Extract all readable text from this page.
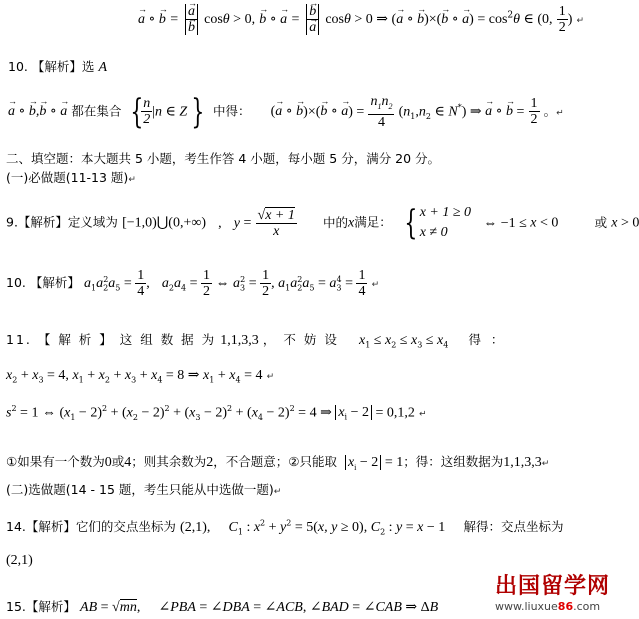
→ a ∘ → b = → a
→ b cosθ > 0, → b ∘ → a = → b
→ a cosθ > 0 ⇒ (→ a ∘ → b)×(→ b ∘ → $a) = \cos^2\theta$ ∈ (0, $\frac{1}{2}$ ) ↵
10. 【解析】选 A
→ a ∘ → b,→ b ∘ → a 都在集合 {
$\frac{n}{2} |n$ ∈ Z } 中得： (→ a ∘ → b)×(→ b ∘ → $a) = \frac{n_1n_2}{4} (n_1,n_2$ ∈ N*) ⇒ → a ∘ → $b = \frac{1}{2}$ 。↵
二、填空题：本大题共 5 小题，考生作答 4 小题，每小题 5 分，满分 20 分。
(一)必做题(11-13 题)↵
9.【解析】定义域为 [−1,0)⋃(0,+∞) , $y = \frac{√x + 1}{x}$ 中的x满足： { x + 1 ≥ 0
x ≠ 0
⇔ −1 ≤ x < 0	或 x > 0
10. 【解析】 $a_1a_2^2a_5 = \frac{1}{4}$ , $a_2a_4 = \frac{1}{2}$ ⇔ $a_3^2 = \frac{1}{2}$ , $a_1a_2^2a_5 = a_3^4 = \frac{1}{4}$ ↵
11. 【 解 析 】 这 组 数 据 为 1,1,3,3 ， 不 妨 设 $x_1 \le x_2 \le x_3 \le x_4$ 得 ：
$x_2 + x_3 = 4$, $x_1 + x_2 + x_3 + x_4 = 8$ ⇒ $x_1 + x_4 = 4$ ↵
$s^2 = 1$ ⇔ $(x_1 - 2)^2 + (x_2 - 2)^2 + (x_3 - 2)^2 + (x_4 - 2)^2 = 4$ ⇒ $x_i - 2 = 0,1,2$ ↵
①如果有一个数为0或4；则其余数为2，不合题意；②只能取 $x_i - 2 = 1$；得：这组数据为1,1,3,3↵
(二)选做题(14 - 15 题，考生只能从中选做一题)↵
14.【解析】它们的交点坐标为 (2,1), $C_1$ : $x^2 + y^2 = 5(x$, y ≥ 0), $C_2$ : y = x − 1 解得：交点坐标为
(2,1)
15.【解析】 AB = √mn, ∠PBA = ∠DBA = ∠ACB, ∠BAD = ∠CAB ⇒ ΔB
出国留学网
www.liuxue86.com
